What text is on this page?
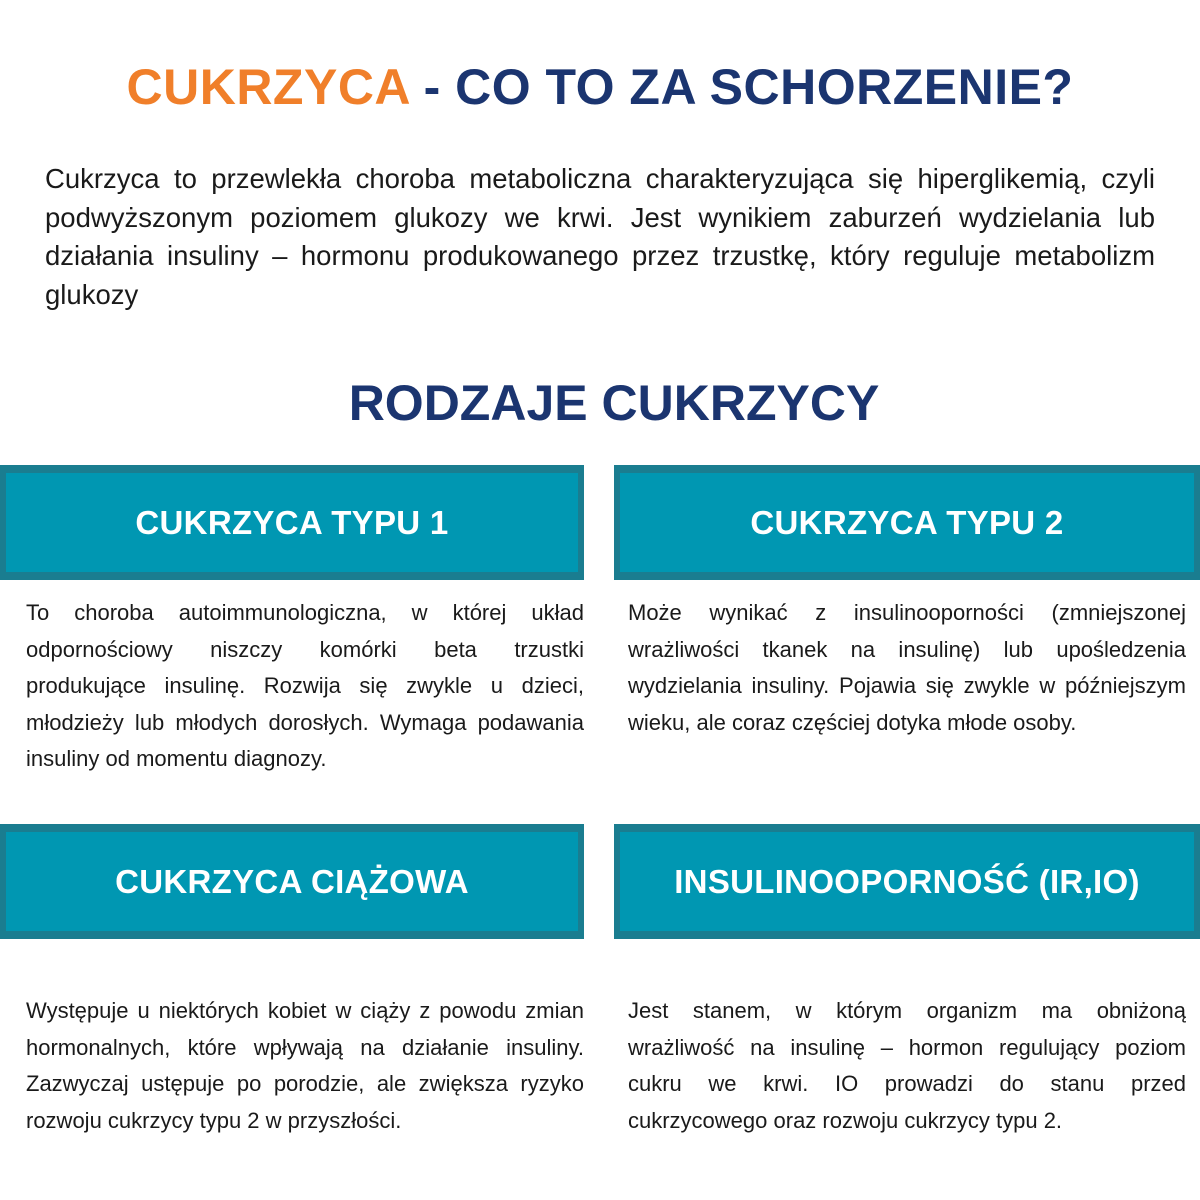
CUKRZYCA - CO TO ZA SCHORZENIE?

Cukrzyca to przewlekła choroba metaboliczna charakteryzująca się hiperglikemią, czyli podwyższonym poziomem glukozy we krwi. Jest wynikiem zaburzeń wydzielania lub działania insuliny – hormonu produkowanego przez trzustkę, który reguluje metabolizm glukozy

RODZAJE CUKRZYCY
CUKRZYCA TYPU 1

To choroba autoimmunologiczna, w której układ odpornościowy niszczy komórki beta trzustki produkujące insulinę. Rozwija się zwykle u dzieci, młodzieży lub młodych dorosłych. Wymaga podawania insuliny od momentu diagnozy.

CUKRZYCA TYPU 2

Może wynikać z insulinooporności (zmniejszonej wrażliwości tkanek na insulinę) lub upośledzenia wydzielania insuliny. Pojawia się zwykle w późniejszym wieku, ale coraz częściej dotyka młode osoby.

CUKRZYCA CIĄŻOWA

Występuje u niektórych kobiet w ciąży z powodu zmian hormonalnych, które wpływają na działanie insuliny. Zazwyczaj ustępuje po porodzie, ale zwiększa ryzyko rozwoju cukrzycy typu 2 w przyszłości.

INSULINOOPORNOŚĆ (IR,IO)

Jest stanem, w którym organizm ma obniżoną wrażliwość na insulinę – hormon regulujący poziom cukru we krwi. IO prowadzi do stanu przed cukrzycowego oraz rozwoju cukrzycy typu 2.
